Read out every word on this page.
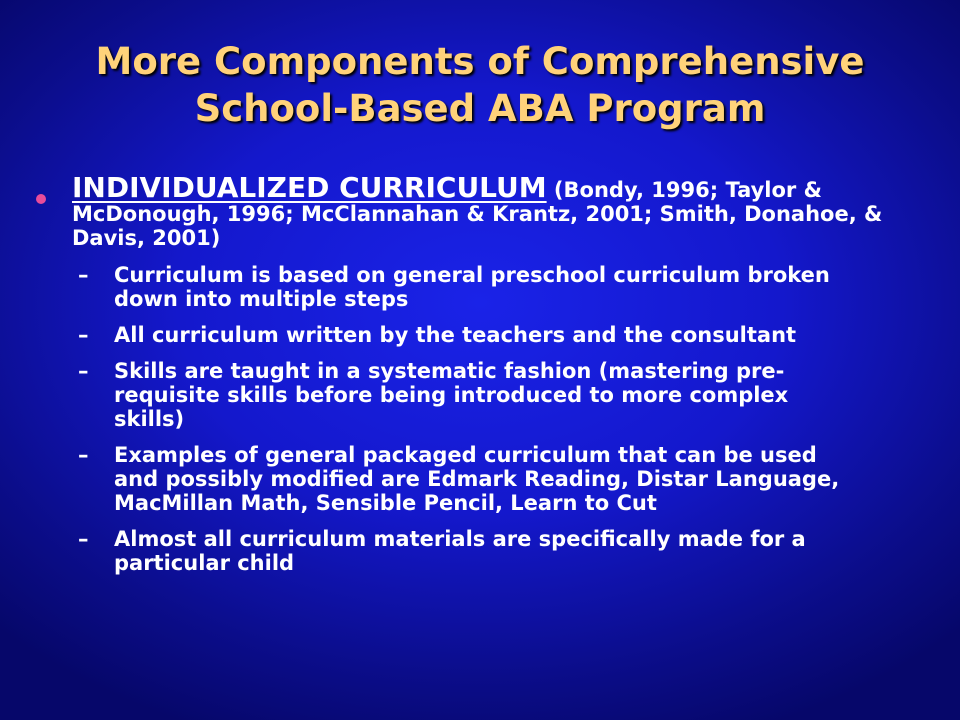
More Components of Comprehensive
School-Based ABA Program
INDIVIDUALIZED CURRICULUM (Bondy, 1996; Taylor & McDonough, 1996; McClannahan & Krantz, 2001; Smith, Donahoe, & Davis, 2001)
– Curriculum is based on general preschool curriculum broken down into multiple steps
– All curriculum written by the teachers and the consultant
– Skills are taught in a systematic fashion (mastering pre-requisite skills before being introduced to more complex skills)
– Examples of general packaged curriculum that can be used and possibly modified are Edmark Reading, Distar Language, MacMillan Math, Sensible Pencil, Learn to Cut
– Almost all curriculum materials are specifically made for a particular child
